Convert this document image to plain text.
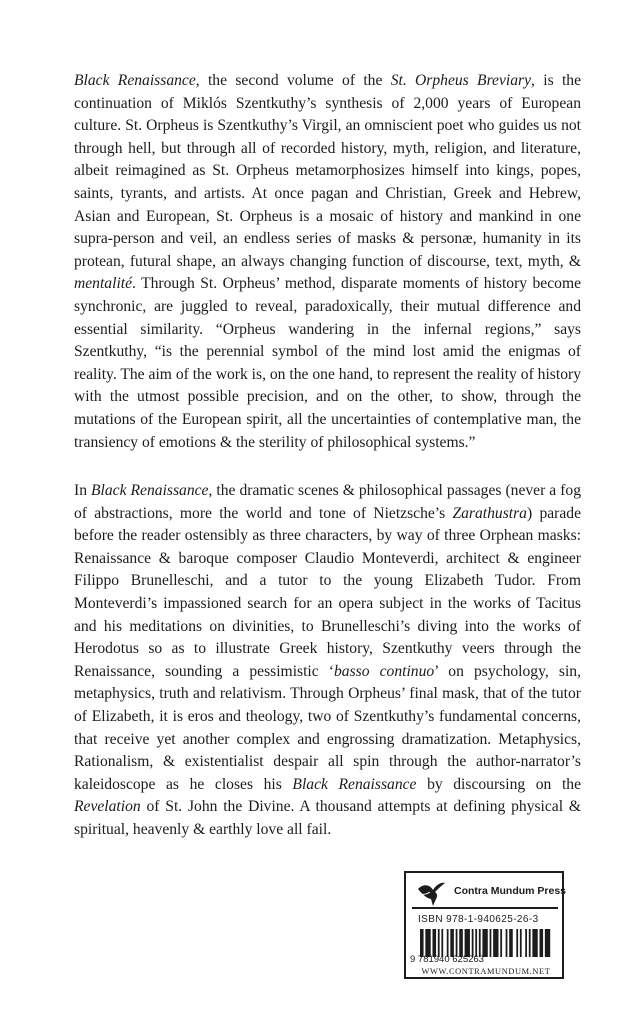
Black Renaissance, the second volume of the St. Orpheus Breviary, is the continuation of Miklós Szentkuthy’s synthesis of 2,000 years of European culture. St. Orpheus is Szentkuthy’s Virgil, an omniscient poet who guides us not through hell, but through all of recorded history, myth, religion, and literature, albeit reimagined as St. Orpheus metamorphosizes himself into kings, popes, saints, tyrants, and artists. At once pagan and Christian, Greek and Hebrew, Asian and European, St. Orpheus is a mosaic of history and mankind in one supra-person and veil, an endless series of masks & personæ, humanity in its protean, futural shape, an always changing function of discourse, text, myth, & mentalité. Through St. Orpheus’ method, disparate moments of history become synchronic, are juggled to reveal, paradoxically, their mutual difference and essential similarity. “Orpheus wandering in the infernal regions,” says Szentkuthy, “is the perennial symbol of the mind lost amid the enigmas of reality. The aim of the work is, on the one hand, to represent the reality of history with the utmost possible precision, and on the other, to show, through the mutations of the European spirit, all the uncertainties of contemplative man, the transiency of emotions & the sterility of philosophical systems.”

In Black Renaissance, the dramatic scenes & philosophical passages (never a fog of abstractions, more the world and tone of Nietzsche’s Zarathustra) parade before the reader ostensibly as three characters, by way of three Orphean masks: Renaissance & baroque composer Claudio Monteverdi, architect & engineer Filippo Brunelleschi, and a tutor to the young Elizabeth Tudor. From Monteverdi’s impassioned search for an opera subject in the works of Tacitus and his meditations on divinities, to Brunelleschi’s diving into the works of Herodotus so as to illustrate Greek history, Szentkuthy veers through the Renaissance, sounding a pessimistic ‘basso continuo’ on psychology, sin, metaphysics, truth and relativism. Through Orpheus’ final mask, that of the tutor of Elizabeth, it is eros and theology, two of Szentkuthy’s fundamental concerns, that receive yet another complex and engrossing dramatization. Metaphysics, Rationalism, & existentialist despair all spin through the author-narrator’s kaleidoscope as he closes his Black Renaissance by discoursing on the Revelation of St. John the Divine. A thousand attempts at defining physical & spiritual, heavenly & earthly love all fail.

Contra Mundum Press
ISBN 978-1-940625-26-3
9 781940 625263
WWW.CONTRAMUNDUM.NET
